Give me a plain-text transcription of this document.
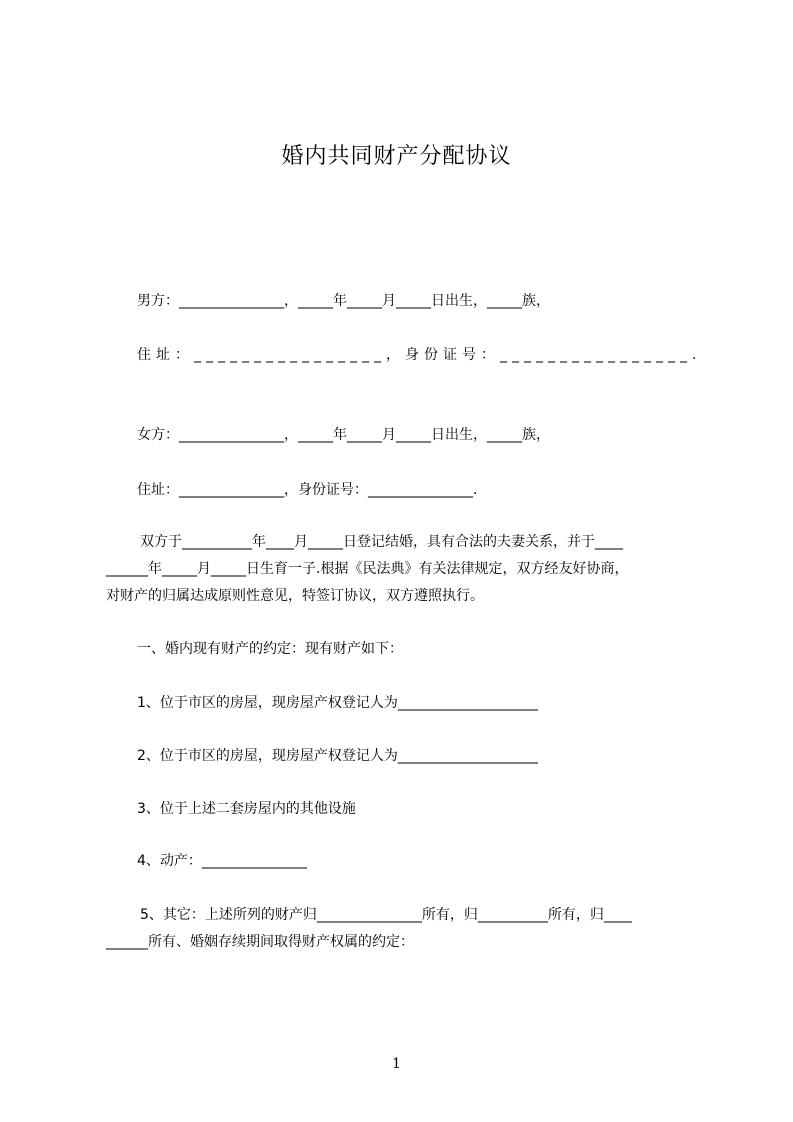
婚内共同财产分配协议
男方：_______________，_____年_____月_____日出生，_____族，
住址：________________，身份证号：________________.
女方：_______________，_____年_____月_____日出生，_____族，
住址：_______________，身份证号：_______________.
双方于__________年____月_____日登记结婚，具有合法的夫妻关系，并于____
______年_____月_____日生育一子.根据《民法典》有关法律规定，双方经友好协商，
对财产的归属达成原则性意见，特签订协议，双方遵照执行。
一、婚内现有财产的约定：现有财产如下：
1、位于市区的房屋，现房屋产权登记人为____________________
2、位于市区的房屋，现房屋产权登记人为____________________
3、位于上述二套房屋内的其他设施
4、动产：_______________
5、其它：上述所列的财产归_______________所有，归__________所有，归____
______所有、婚姻存续期间取得财产权属的约定：
1
